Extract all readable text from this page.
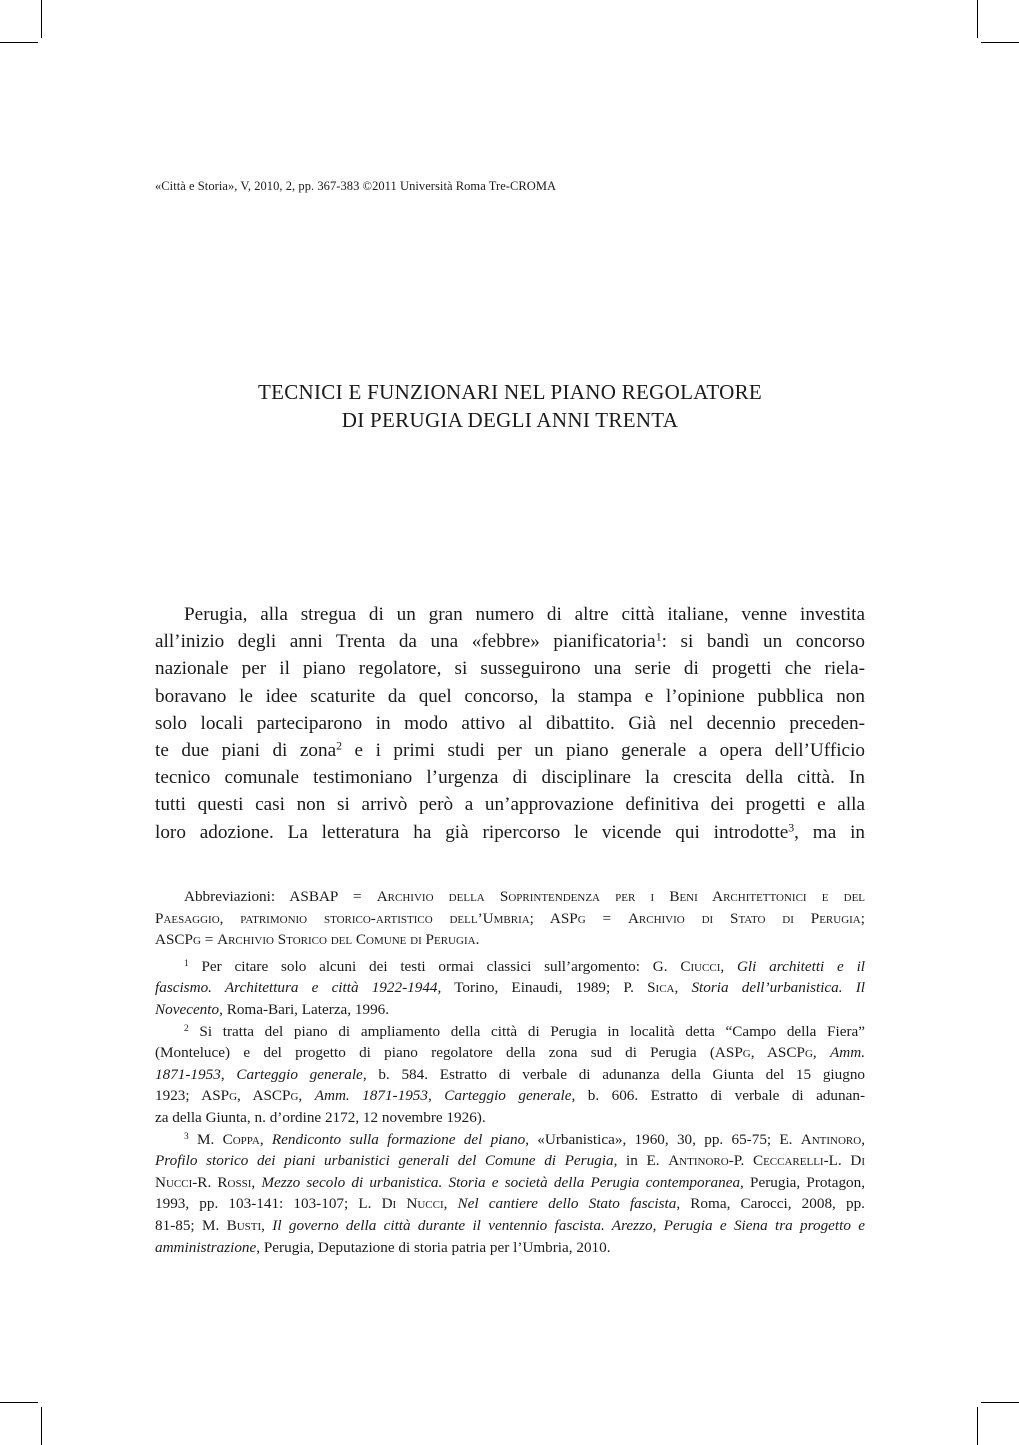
«Città e Storia», V, 2010, 2, pp. 367-383 ©2011 Università Roma Tre-CROMA
TECNICI E FUNZIONARI NEL PIANO REGOLATORE
DI PERUGIA DEGLI ANNI TRENTA
Perugia, alla stregua di un gran numero di altre città italiane, venne investita
all’inizio degli anni Trenta da una «febbre» pianificatoria$^1$: si bandì un concorso
nazionale per il piano regolatore, si susseguirono una serie di progetti che riela-
boravano le idee scaturite da quel concorso, la stampa e l’opinione pubblica non
solo locali parteciparono in modo attivo al dibattito. Già nel decennio preceden-
te due piani di zona$^2$ e i primi studi per un piano generale a opera dell’Ufficio
tecnico comunale testimoniano l’urgenza di disciplinare la crescita della città. In
tutti questi casi non si arrivò però a un’approvazione definitiva dei progetti e alla
loro adozione. La letteratura ha già ripercorso le vicende qui introdotte$^3$, ma in
Abbreviazioni: ASBAP = Archivio della Soprintendenza per i Beni Architettonici e del
Paesaggio, patrimonio storico-artistico dell’Umbria; ASPg = Archivio di Stato di Perugia;
ASCPg = Archivio Storico del Comune di Perugia.
$^1$ Per citare solo alcuni dei testi ormai classici sull’argomento: G. Ciucci, Gli architetti e il
fascismo. Architettura e città 1922-1944, Torino, Einaudi, 1989; P. Sica, Storia dell’urbanistica. Il
Novecento, Roma-Bari, Laterza, 1996.
$^2$ Si tratta del piano di ampliamento della città di Perugia in località detta “Campo della Fiera”
(Monteluce) e del progetto di piano regolatore della zona sud di Perugia (ASPg, ASCPg, Amm.
1871-1953, Carteggio generale, b. 584. Estratto di verbale di adunanza della Giunta del 15 giugno
1923; ASPg, ASCPg, Amm. 1871-1953, Carteggio generale, b. 606. Estratto di verbale di adunan-
za della Giunta, n. d’ordine 2172, 12 novembre 1926).
$^3$ M. Coppa, Rendiconto sulla formazione del piano, «Urbanistica», 1960, 30, pp. 65-75; E. Antinoro,
Profilo storico dei piani urbanistici generali del Comune di Perugia, in E. Antinoro-P. Ceccarelli-L. Di
Nucci-R. Rossi, Mezzo secolo di urbanistica. Storia e società della Perugia contemporanea, Perugia, Protagon,
1993, pp. 103-141: 103-107; L. Di Nucci, Nel cantiere dello Stato fascista, Roma, Carocci, 2008, pp.
81-85; M. Busti, Il governo della città durante il ventennio fascista. Arezzo, Perugia e Siena tra progetto e
amministrazione, Perugia, Deputazione di storia patria per l’Umbria, 2010.
